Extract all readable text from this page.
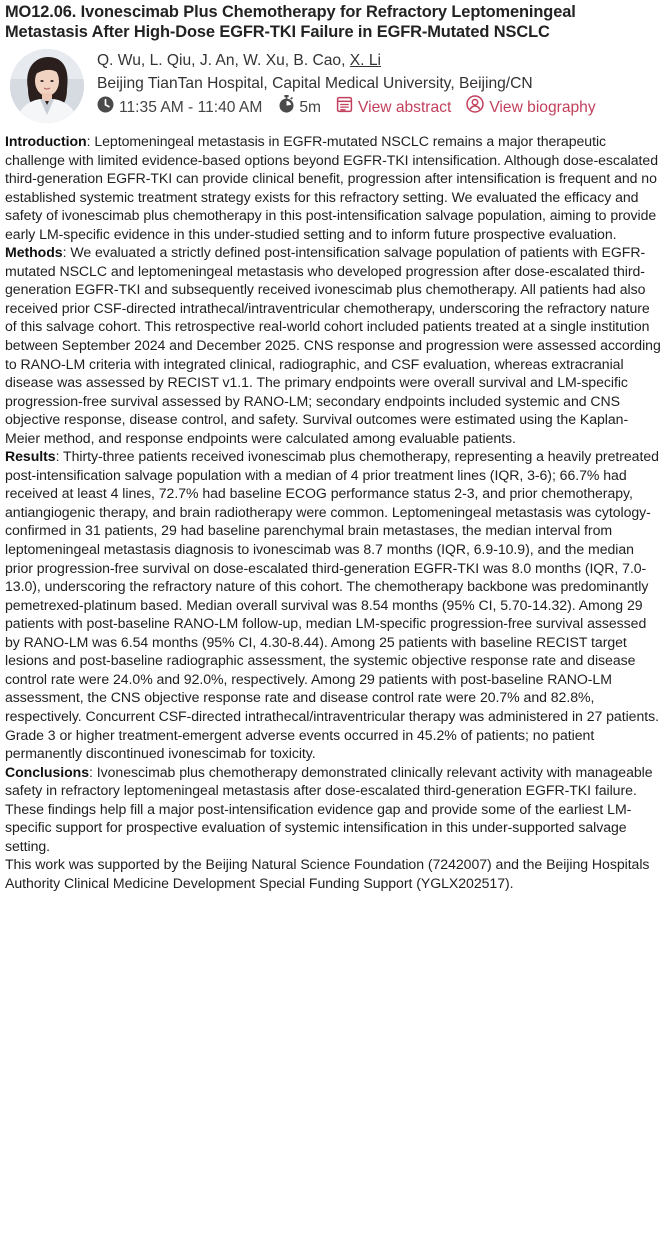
MO12.06. Ivonescimab Plus Chemotherapy for Refractory Leptomeningeal Metastasis After High-Dose EGFR-TKI Failure in EGFR-Mutated NSCLC
Q. Wu, L. Qiu, J. An, W. Xu, B. Cao, X. Li
Beijing TianTan Hospital, Capital Medical University, Beijing/CN
11:35 AM - 11:40 AM 5m View abstract View biography

Introduction: Leptomeningeal metastasis in EGFR-mutated NSCLC remains a major therapeutic challenge with limited evidence-based options beyond EGFR-TKI intensification. Although dose-escalated third-generation EGFR-TKI can provide clinical benefit, progression after intensification is frequent and no established systemic treatment strategy exists for this refractory setting. We evaluated the efficacy and safety of ivonescimab plus chemotherapy in this post-intensification salvage population, aiming to provide early LM-specific evidence in this under-studied setting and to inform future prospective evaluation.

Methods: We evaluated a strictly defined post-intensification salvage population of patients with EGFR-mutated NSCLC and leptomeningeal metastasis who developed progression after dose-escalated third-generation EGFR-TKI and subsequently received ivonescimab plus chemotherapy. All patients had also received prior CSF-directed intrathecal/intraventricular chemotherapy, underscoring the refractory nature of this salvage cohort. This retrospective real-world cohort included patients treated at a single institution between September 2024 and December 2025. CNS response and progression were assessed according to RANO-LM criteria with integrated clinical, radiographic, and CSF evaluation, whereas extracranial disease was assessed by RECIST v1.1. The primary endpoints were overall survival and LM-specific progression-free survival assessed by RANO-LM; secondary endpoints included systemic and CNS objective response, disease control, and safety. Survival outcomes were estimated using the Kaplan-Meier method, and response endpoints were calculated among evaluable patients.

Results: Thirty-three patients received ivonescimab plus chemotherapy, representing a heavily pretreated post-intensification salvage population with a median of 4 prior treatment lines (IQR, 3-6); 66.7% had received at least 4 lines, 72.7% had baseline ECOG performance status 2-3, and prior chemotherapy, antiangiogenic therapy, and brain radiotherapy were common. Leptomeningeal metastasis was cytology-confirmed in 31 patients, 29 had baseline parenchymal brain metastases, the median interval from leptomeningeal metastasis diagnosis to ivonescimab was 8.7 months (IQR, 6.9-10.9), and the median prior progression-free survival on dose-escalated third-generation EGFR-TKI was 8.0 months (IQR, 7.0-13.0), underscoring the refractory nature of this cohort. The chemotherapy backbone was predominantly pemetrexed-platinum based. Median overall survival was 8.54 months (95% CI, 5.70-14.32). Among 29 patients with post-baseline RANO-LM follow-up, median LM-specific progression-free survival assessed by RANO-LM was 6.54 months (95% CI, 4.30-8.44). Among 25 patients with baseline RECIST target lesions and post-baseline radiographic assessment, the systemic objective response rate and disease control rate were 24.0% and 92.0%, respectively. Among 29 patients with post-baseline RANO-LM assessment, the CNS objective response rate and disease control rate were 20.7% and 82.8%, respectively. Concurrent CSF-directed intrathecal/intraventricular therapy was administered in 27 patients. Grade 3 or higher treatment-emergent adverse events occurred in 45.2% of patients; no patient permanently discontinued ivonescimab for toxicity.

Conclusions: Ivonescimab plus chemotherapy demonstrated clinically relevant activity with manageable safety in refractory leptomeningeal metastasis after dose-escalated third-generation EGFR-TKI failure. These findings help fill a major post-intensification evidence gap and provide some of the earliest LM-specific support for prospective evaluation of systemic intensification in this under-supported salvage setting.

This work was supported by the Beijing Natural Science Foundation (7242007) and the Beijing Hospitals Authority Clinical Medicine Development Special Funding Support (YGLX202517).
